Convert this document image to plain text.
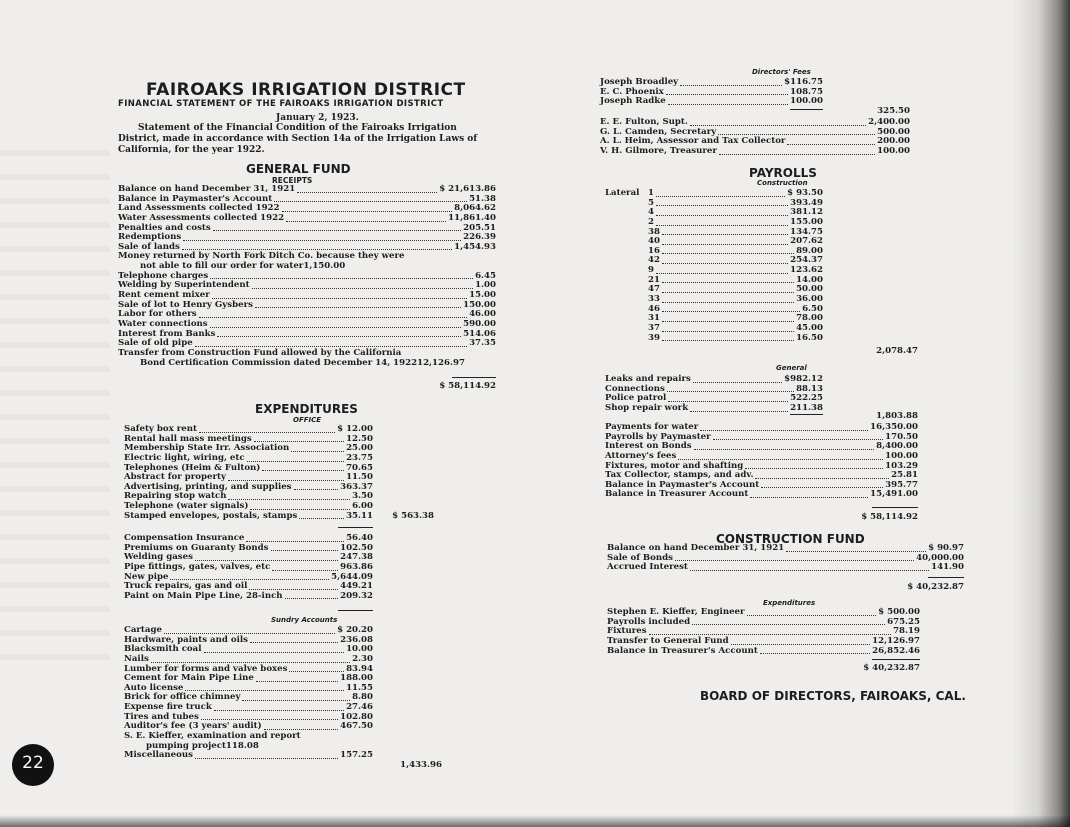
FAIROAKS IRRIGATION DISTRICT
FINANCIAL STATEMENT OF THE FAIROAKS IRRIGATION DISTRICT
January 2, 1923.
Statement of the Financial Condition of the Fairoaks Irrigation District, made in accordance with Section 14a of the Irrigation Laws of California, for the year 1922.
GENERAL FUND
RECEIPTS
Balance on hand December 31, 1921	$ 21,613.86
Balance in Paymaster's Account	51.38
Land Assessments collected 1922	8,064.62
Water Assessments collected 1922	11,861.40
Penalties and costs	205.51
Redemptions	226.39
Sale of lands	1,454.93
Money returned by North Fork Ditch Co. because they were
not able to fill our order for water 1,150.00
Telephone charges	6.45
Welding by Superintendent	1.00
Rent cement mixer	15.00
Sale of lot to Henry Gysbers	150.00
Labor for others	46.00
Water connections	590.00
Interest from Banks	514.06
Sale of old pipe	37.35
Transfer from Construction Fund allowed by the California
Bond Certification Commission dated December 14, 1922 12,126.97
$ 58,114.92
EXPENDITURES
OFFICE
Safety box rent	$ 12.00
Rental hall mass meetings	12.50
Membership State Irr. Association	25.00
Electric light, wiring, etc	23.75
Telephones (Heim & Fulton)	70.65
Abstract for property	11.50
Advertising, printing, and supplies	363.37
Repairing stop watch	3.50
Telephone (water signals)	6.00
Stamped envelopes, postals, stamps	35.11	$ 563.38
Compensation Insurance	56.40
Premiums on Guaranty Bonds	102.50
Welding gases	247.38
Pipe fittings, gates, valves, etc	963.86
New pipe	5,644.09
Truck repairs, gas and oil	449.21
Paint on Main Pipe Line, 28-inch	209.32
Sundry Accounts
Cartage	$ 20.20
Hardware, paints and oils	236.08
Blacksmith coal	10.00
Nails	2.30
Lumber for forms and valve boxes	83.94
Cement for Main Pipe Line	188.00
Auto license	11.55
Brick for office chimney	8.80
Expense fire truck	27.46
Tires and tubes	102.80
Auditor's fee (3 years' audit)	467.50
S. E. Kieffer, examination and report
pumping project 118.08
Miscellaneous	157.25
1,433.96
Directors' Fees
Joseph Broadley	$116.75
E. C. Phoenix	108.75
Joseph Radke	100.00
325.50
E. E. Fulton, Supt.	2,400.00
G. L. Camden, Secretary	500.00
A. L. Heim, Assessor and Tax Collector	200.00
V. H. Gilmore, Treasurer	100.00
PAYROLLS
Construction
Lateral 1	$ 93.50
5	393.49
4	381.12
2	155.00
38	134.75
40	207.62
16	89.00
42	254.37
9	123.62
21	14.00
47	50.00
33	36.00
46	6.50
31	78.00
37	45.00
39	16.50
2,078.47
General
Leaks and repairs	$982.12
Connections	88.13
Police patrol	522.25
Shop repair work	211.38
1,803.88
Payments for water	16,350.00
Payrolls by Paymaster	170.50
Interest on Bonds	8,400.00
Attorney's fees	100.00
Fixtures, motor and shafting	103.29
Tax Collector, stamps, and adv.	25.81
Balance in Paymaster's Account	395.77
Balance in Treasurer Account	15,491.00
$ 58,114.92
CONSTRUCTION FUND
Balance on hand December 31, 1921	$ 90.97
Sale of Bonds	40,000.00
Accrued Interest	141.90
$ 40,232.87
Expenditures
Stephen E. Kieffer, Engineer	$ 500.00
Payrolls included	675.25
Fixtures	78.19
Transfer to General Fund	12,126.97
Balance in Treasurer's Account	26,852.46
$ 40,232.87
BOARD OF DIRECTORS, FAIROAKS, CAL.
22
